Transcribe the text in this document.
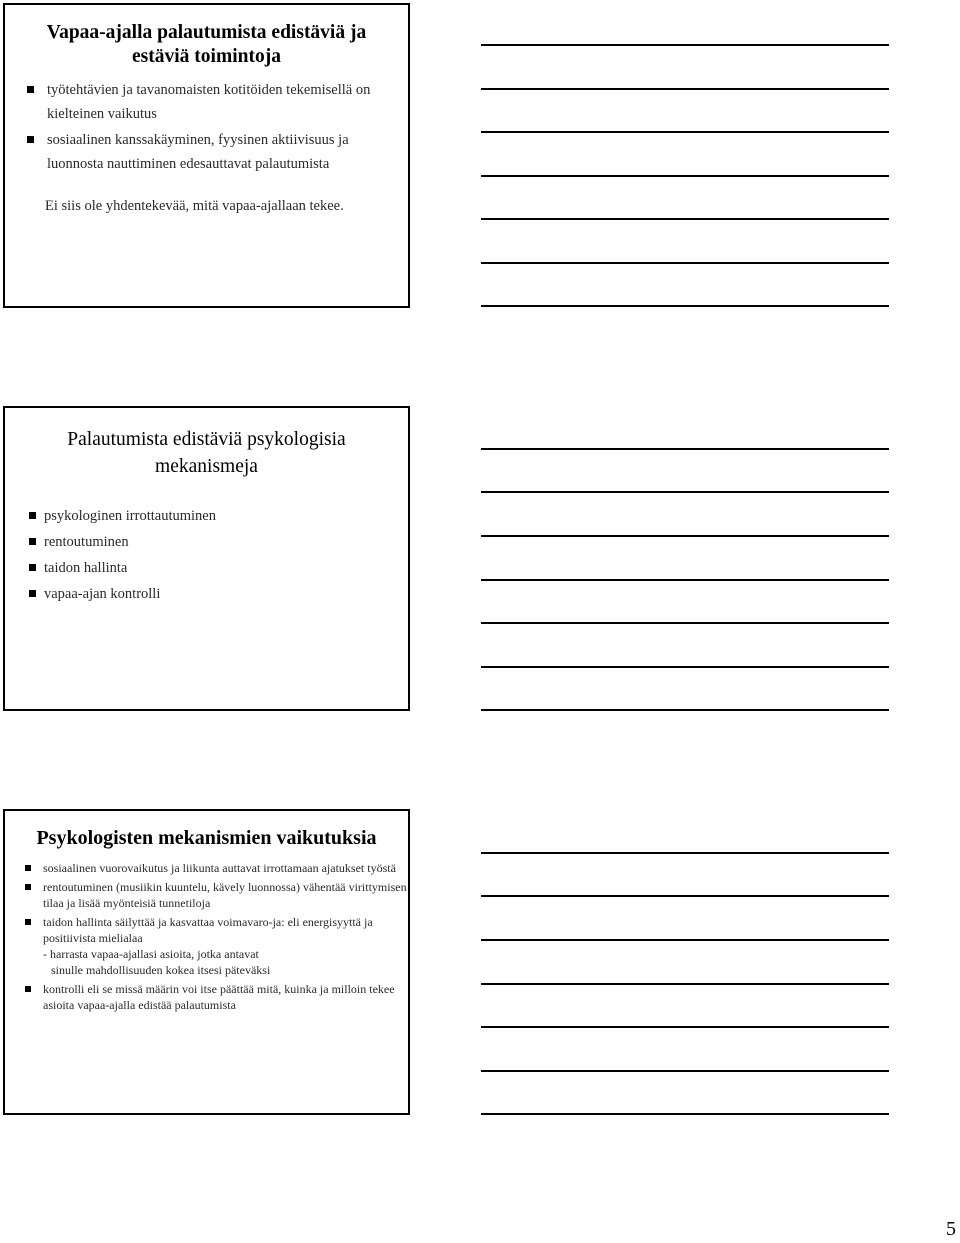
Vapaa-ajalla palautumista edistäviä ja estäviä toimintoja
työtehtävien ja tavanomaisten kotitöiden tekemisellä on kielteinen vaikutus
sosiaalinen kanssakäyminen, fyysinen aktiivisuus ja luonnosta nauttiminen edesauttavat palautumista
Ei siis ole yhdentekevää, mitä vapaa-ajallaan tekee.
Palautumista edistäviä psykologisia mekanismeja
psykologinen irrottautuminen
rentoutuminen
taidon hallinta
vapaa-ajan kontrolli
Psykologisten mekanismien vaikutuksia
sosiaalinen vuorovaikutus ja liikunta auttavat irrottamaan ajatukset työstä
rentoutuminen (musiikin kuuntelu, kävely luonnossa) vähentää virittymisen tilaa ja lisää myönteisiä tunnetiloja
taidon hallinta säilyttää ja kasvattaa voimavaro-ja: eli energisyyttä ja positiivista mielialaa
- harrasta vapaa-ajallasi asioita, jotka antavat
sinulle mahdollisuuden kokea itsesi päteväksi
kontrolli eli se missä määrin voi itse päättää mitä, kuinka ja milloin tekee asioita vapaa-ajalla edistää palautumista
5
